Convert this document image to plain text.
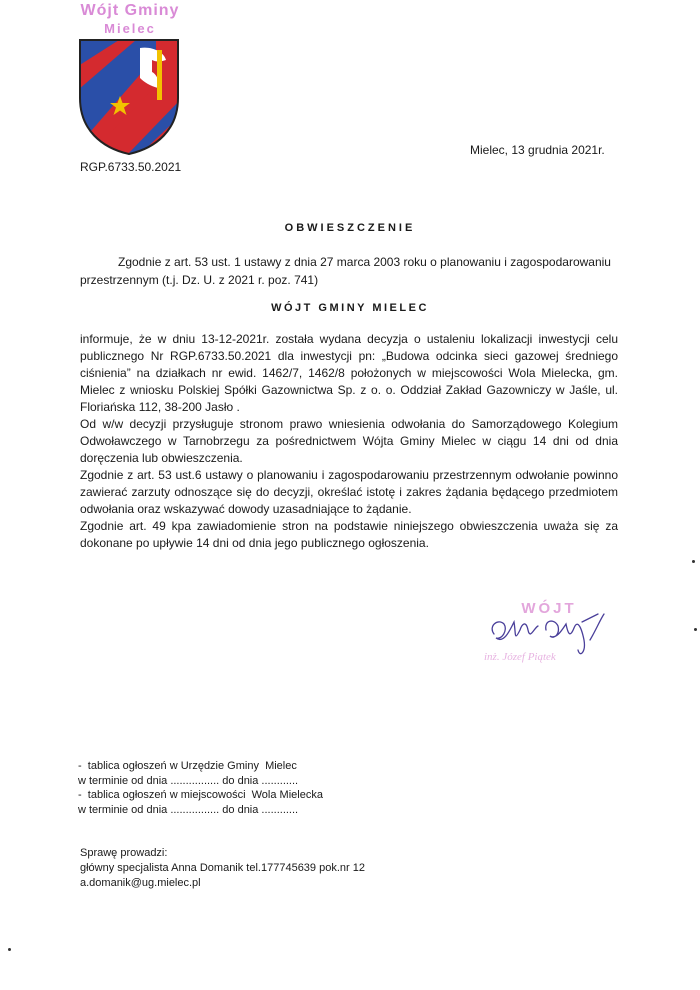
Wójt Gminy
Mielec
RGP.6733.50.2021
Mielec, 13 grudnia 2021r.
OBWIESZCZENIE
Zgodnie z art. 53 ust. 1 ustawy z dnia 27 marca 2003 roku o planowaniu i zagospodarowaniu
przestrzennym (t.j. Dz. U. z 2021 r. poz. 741)
WÓJT GMINY MIELEC

informuje, że w dniu 13-12-2021r. została wydana decyzja o ustaleniu lokalizacji inwestycji celu publicznego Nr RGP.6733.50.2021 dla inwestycji pn: „Budowa odcinka sieci gazowej średniego ciśnienia” na działkach nr ewid. 1462/7, 1462/8 położonych w miejscowości Wola Mielecka, gm. Mielec z wniosku Polskiej Spółki Gazownictwa Sp. z o. o. Oddział Zakład Gazowniczy w Jaśle, ul. Floriańska 112, 38-200 Jasło .

Od w/w decyzji przysługuje stronom prawo wniesienia odwołania do Samorządowego Kolegium Odwoławczego w Tarnobrzegu za pośrednictwem Wójta Gminy Mielec w ciągu 14 dni od dnia doręczenia lub obwieszczenia.

Zgodnie z art. 53 ust.6 ustawy o planowaniu i zagospodarowaniu przestrzennym odwołanie powinno zawierać zarzuty odnoszące się do decyzji, określać istotę i zakres żądania będącego przedmiotem odwołania oraz wskazywać dowody uzasadniające to żądanie.

Zgodnie art. 49 kpa zawiadomienie stron na podstawie niniejszego obwieszczenia uważa się za dokonane po upływie 14 dni od dnia jego publicznego ogłoszenia.

WÓJT
inż. Józef Piątek
-  tablica ogłoszeń w Urzędzie Gminy  Mielec
w terminie od dnia ................ do dnia ............
-  tablica ogłoszeń w miejscowości  Wola Mielecka
w terminie od dnia ................ do dnia ............
Sprawę prowadzi:
główny specjalista Anna Domanik tel.177745639 pok.nr 12
a.domanik@ug.mielec.pl
